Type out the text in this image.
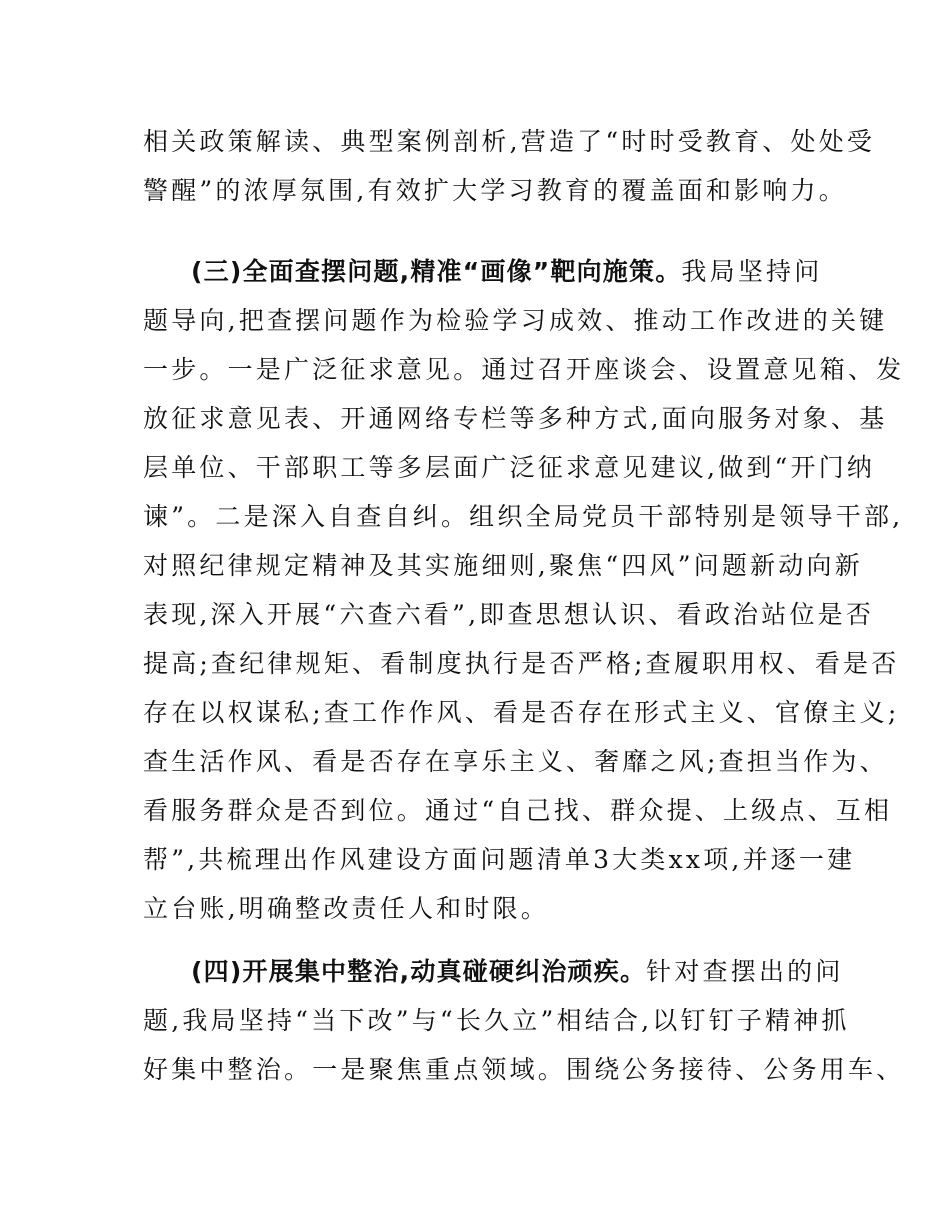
相关政策解读、典型案例剖析,营造了“时时受教育、处处受

警醒”的浓厚氛围,有效扩大学习教育的覆盖面和影响力。

(三)全面查摆问题,精准“画像”靶向施策。我局坚持问

题导向,把查摆问题作为检验学习成效、推动工作改进的关键

一步。一是广泛征求意见。通过召开座谈会、设置意见箱、发

放征求意见表、开通网络专栏等多种方式,面向服务对象、基

层单位、干部职工等多层面广泛征求意见建议,做到“开门纳

谏”。二是深入自查自纠。组织全局党员干部特别是领导干部,

对照纪律规定精神及其实施细则,聚焦“四风”问题新动向新

表现,深入开展“六查六看”,即查思想认识、看政治站位是否

提高;查纪律规矩、看制度执行是否严格;查履职用权、看是否

存在以权谋私;查工作作风、看是否存在形式主义、官僚主义;

查生活作风、看是否存在享乐主义、奢靡之风;查担当作为、

看服务群众是否到位。通过“自己找、群众提、上级点、互相

帮”,共梳理出作风建设方面问题清单3大类xx项,并逐一建

立台账,明确整改责任人和时限。

(四)开展集中整治,动真碰硬纠治顽疾。针对查摆出的问

题,我局坚持“当下改”与“长久立”相结合,以钉钉子精神抓

好集中整治。一是聚焦重点领域。围绕公务接待、公务用车、
